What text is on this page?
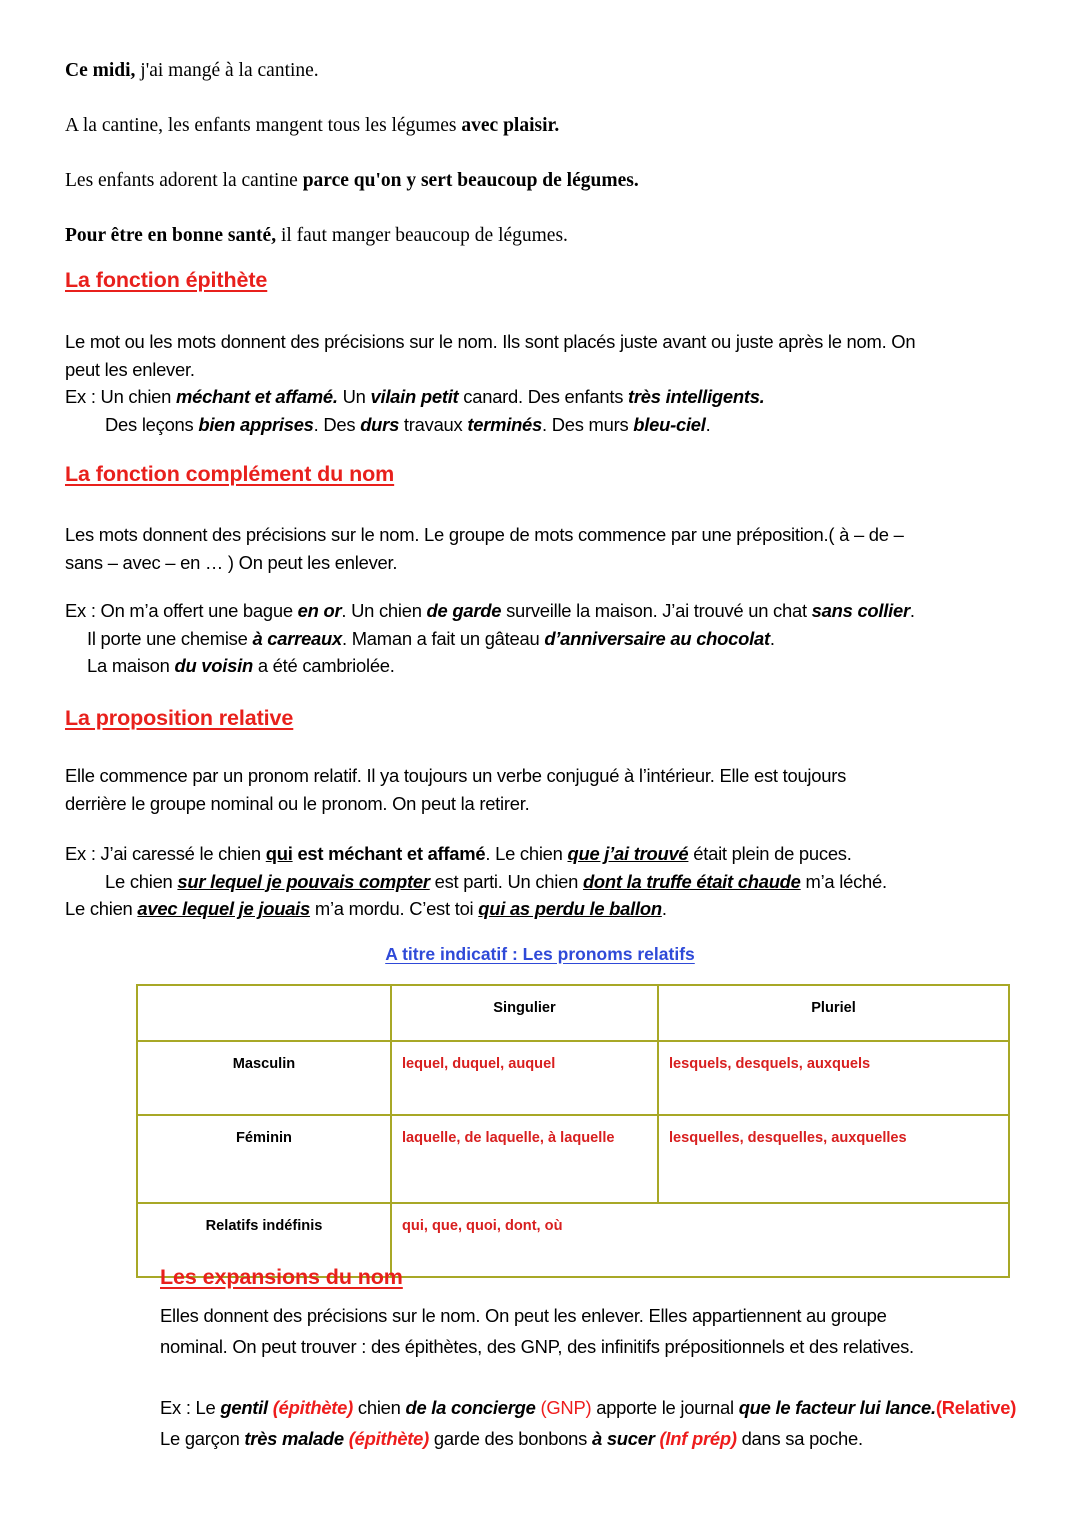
Ce midi, j'ai mangé à la cantine.

A la cantine, les enfants mangent tous les légumes avec plaisir.

Les enfants adorent la cantine parce qu'on y sert beaucoup de légumes.

Pour être en bonne santé, il faut manger beaucoup de légumes.

La fonction épithète
Le mot ou les mots donnent des précisions sur le nom. Ils sont placés juste avant ou juste après le nom. On
peut les enlever.
Ex : Un chien méchant et affamé. Un vilain petit canard. Des enfants très intelligents.
Des leçons bien apprises. Des durs travaux terminés. Des murs bleu-ciel.
La fonction complément du nom
Les mots donnent des précisions sur le nom. Le groupe de mots commence par une préposition.( à – de –
sans – avec – en … ) On peut les enlever.
Ex : On m’a offert une bague en or. Un chien de garde surveille la maison. J’ai trouvé un chat sans collier.
Il porte une chemise à carreaux. Maman a fait un gâteau d’anniversaire au chocolat.
La maison du voisin a été cambriolée.
La proposition relative
Elle commence par un pronom relatif. Il ya toujours un verbe conjugué à l’intérieur. Elle est toujours
derrière le groupe nominal ou le pronom. On peut la retirer.
Ex : J’ai caressé le chien qui est méchant et affamé. Le chien que j’ai trouvé était plein de puces.
Le chien sur lequel je pouvais compter est parti. Un chien dont la truffe était chaude m’a léché.
Le chien avec lequel je jouais m’a mordu. C’est toi qui as perdu le ballon.
A titre indicatif : Les pronoms relatifs
	Singulier	Pluriel
Masculin	lequel, duquel, auquel	lesquels, desquels, auxquels
Féminin	laquelle, de laquelle, à laquelle	lesquelles, desquelles, auxquelles
Relatifs indéfinis	qui, que, quoi, dont, où	
Les expansions du nom

Elles donnent des précisions sur le nom. On peut les enlever. Elles appartiennent au groupe
nominal. On peut trouver : des épithètes, des GNP, des infinitifs prépositionnels et des relatives.

Ex : Le gentil (épithète) chien de la concierge (GNP) apporte le journal que le facteur lui lance.(Relative) Le garçon très malade (épithète) garde des bonbons à sucer (Inf prép) dans sa poche.
